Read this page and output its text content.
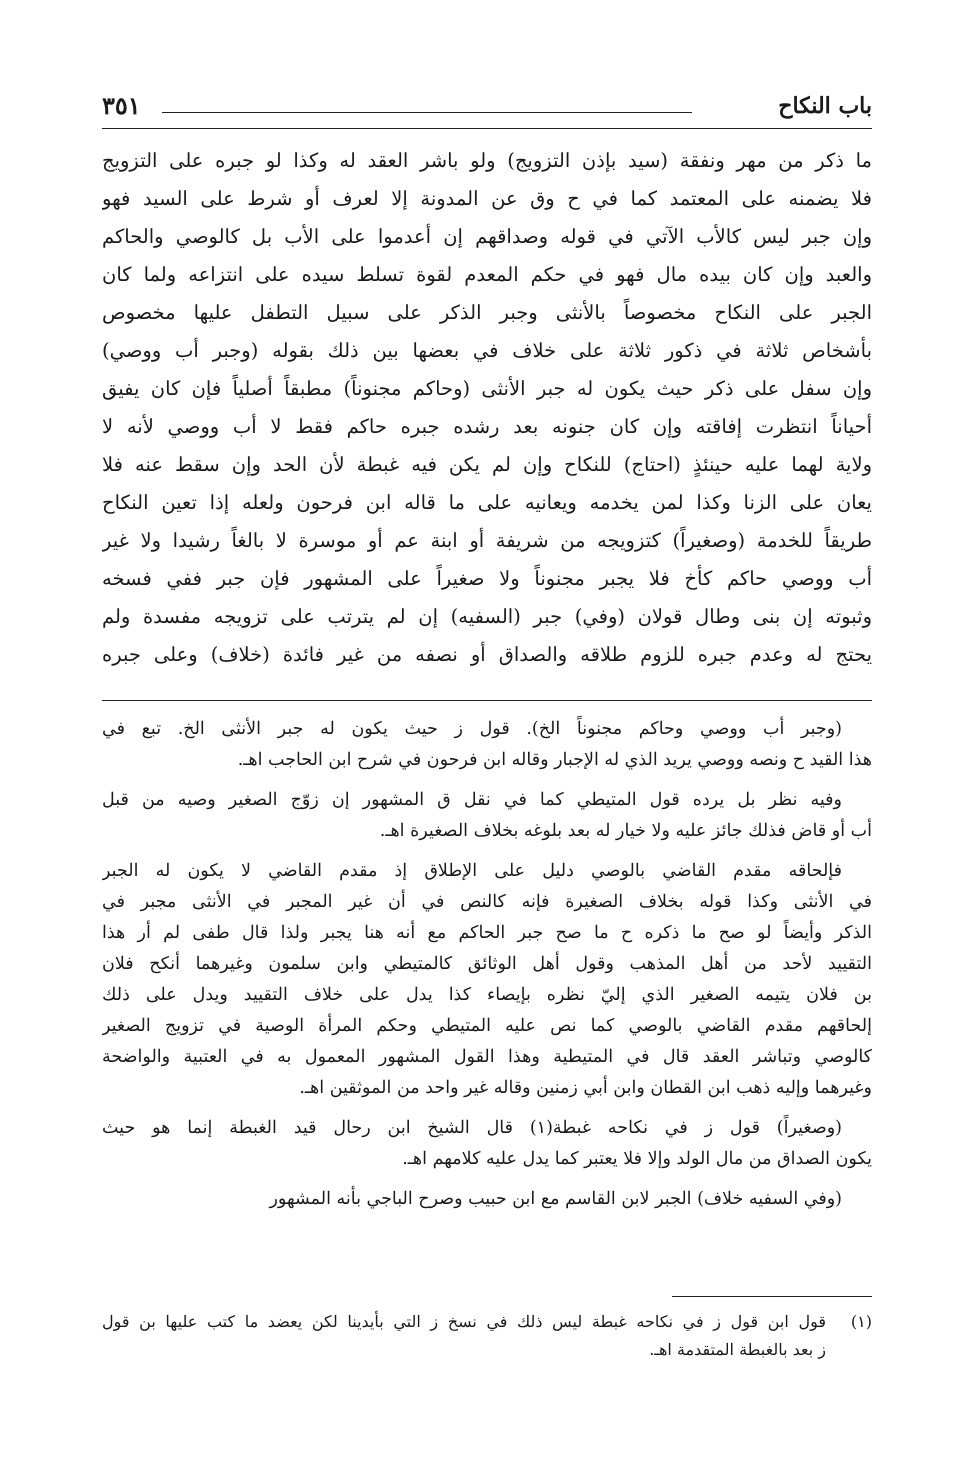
باب النكاح
٣٥١
ما ذكر من مهر ونفقة (سيد بإذن التزويج) ولو باشر العقد له وكذا لو جبره على التزويج
فلا يضمنه على المعتمد كما في ح وق عن المدونة إلا لعرف أو شرط على السيد فهو
وإن جبر ليس كالأب الآتي في قوله وصداقهم إن أعدموا على الأب بل كالوصي والحاكم
والعبد وإن كان بيده مال فهو في حكم المعدم لقوة تسلط سيده على انتزاعه ولما كان
الجبر على النكاح مخصوصاً بالأنثى وجبر الذكر على سبيل التطفل عليها مخصوص
بأشخاص ثلاثة في ذكور ثلاثة على خلاف في بعضها بين ذلك بقوله (وجبر أب ووصي)
وإن سفل على ذكر حيث يكون له جبر الأنثى (وحاكم مجنوناً) مطبقاً أصلياً فإن كان يفيق
أحياناً انتظرت إفاقته وإن كان جنونه بعد رشده جبره حاكم فقط لا أب ووصي لأنه لا
ولاية لهما عليه حينئذٍ (احتاج) للنكاح وإن لم يكن فيه غبطة لأن الحد وإن سقط عنه فلا
يعان على الزنا وكذا لمن يخدمه ويعانيه على ما قاله ابن فرحون ولعله إذا تعين النكاح
طريقاً للخدمة (وصغيراً) كتزويجه من شريفة أو ابنة عم أو موسرة لا بالغاً رشيدا ولا غير
أب ووصي حاكم كأخ فلا يجبر مجنوناً ولا صغيراً على المشهور فإن جبر ففي فسخه
وثبوته إن بنى وطال قولان (وفي) جبر (السفيه) إن لم يترتب على تزويجه مفسدة ولم
يحتج له وعدم جبره للزوم طلاقه والصداق أو نصفه من غير فائدة (خلاف) وعلى جبره
(وجبر أب ووصي وحاكم مجنوناً الخ). قول ز حيث يكون له جبر الأنثى الخ. تبع في
هذا القيد ح ونصه ووصي يريد الذي له الإجبار وقاله ابن فرحون في شرح ابن الحاجب اهـ.
وفيه نظر بل يرده قول المتيطي كما في نقل ق المشهور إن زوّج الصغير وصيه من قبل
أب أو قاض فذلك جائز عليه ولا خيار له بعد بلوغه بخلاف الصغيرة اهـ.
فإلحاقه مقدم القاضي بالوصي دليل على الإطلاق إذ مقدم القاضي لا يكون له الجبر
في الأنثى وكذا قوله بخلاف الصغيرة فإنه كالنص في أن غير المجبر في الأنثى مجبر في
الذكر وأيضاً لو صح ما ذكره ح ما صح جبر الحاكم مع أنه هنا يجبر ولذا قال طفى لم أر هذا
التقييد لأحد من أهل المذهب وقول أهل الوثائق كالمتيطي وابن سلمون وغيرهما أنكح فلان
بن فلان يتيمه الصغير الذي إليّ نظره بإيصاء كذا يدل على خلاف التقييد ويدل على ذلك
إلحاقهم مقدم القاضي بالوصي كما نص عليه المتيطي وحكم المرأة الوصية في تزويج الصغير
كالوصي وتباشر العقد قال في المتيطية وهذا القول المشهور المعمول به في العتبية والواضحة
وغيرهما وإليه ذهب ابن القطان وابن أبي زمنين وقاله غير واحد من الموثقين اهـ.
(وصغيراً) قول ز في نكاحه غبطة(١) قال الشيخ ابن رحال قيد الغبطة إنما هو حيث
يكون الصداق من مال الولد وإلا فلا يعتبر كما يدل عليه كلامهم اهـ.
(وفي السفيه خلاف) الجبر لابن القاسم مع ابن حبيب وصرح الباجي بأنه المشهور
(١)
قول ابن قول ز في نكاحه غبطة ليس ذلك في نسخ ز التي بأيدينا لكن يعضد ما كتب عليها بن قول
ز بعد بالغبطة المتقدمة اهـ.
